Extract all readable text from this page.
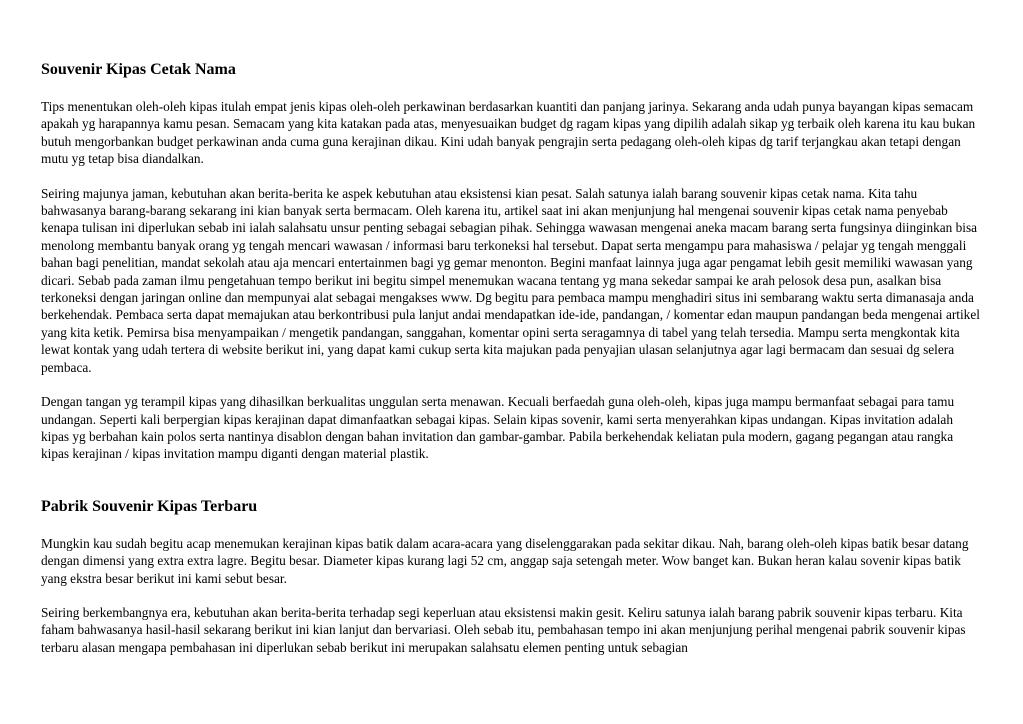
Souvenir Kipas Cetak Nama

Tips menentukan oleh-oleh kipas itulah empat jenis kipas oleh-oleh perkawinan berdasarkan kuantiti dan panjang jarinya. Sekarang anda udah punya bayangan kipas semacam apakah yg harapannya kamu pesan. Semacam yang kita katakan pada atas, menyesuaikan budget dg ragam kipas yang dipilih adalah sikap yg terbaik oleh karena itu kau bukan butuh mengorbankan budget perkawinan anda cuma guna kerajinan dikau. Kini udah banyak pengrajin serta pedagang oleh-oleh kipas dg tarif terjangkau akan tetapi dengan mutu yg tetap bisa diandalkan.

Seiring majunya jaman, kebutuhan akan berita-berita ke aspek kebutuhan atau eksistensi kian pesat. Salah satunya ialah barang souvenir kipas cetak nama. Kita tahu bahwasanya barang-barang sekarang ini kian banyak serta bermacam. Oleh karena itu, artikel saat ini akan menjunjung hal mengenai souvenir kipas cetak nama penyebab kenapa tulisan ini diperlukan sebab ini ialah salahsatu unsur penting sebagai sebagian pihak. Sehingga wawasan mengenai aneka macam barang serta fungsinya diinginkan bisa menolong membantu banyak orang yg tengah mencari wawasan / informasi baru terkoneksi hal tersebut. Dapat serta mengampu para mahasiswa / pelajar yg tengah menggali bahan bagi penelitian, mandat sekolah atau aja mencari entertainmen bagi yg gemar menonton. Begini manfaat lainnya juga agar pengamat lebih gesit memiliki wawasan yang dicari. Sebab pada zaman ilmu pengetahuan tempo berikut ini begitu simpel menemukan wacana tentang yg mana sekedar sampai ke arah pelosok desa pun, asalkan bisa terkoneksi dengan jaringan online dan mempunyai alat sebagai mengakses www. Dg begitu para pembaca mampu menghadiri situs ini sembarang waktu serta dimanasaja anda berkehendak. Pembaca serta dapat memajukan atau berkontribusi pula lanjut andai mendapatkan ide-ide, pandangan, / komentar edan maupun pandangan beda mengenai artikel yang kita ketik. Pemirsa bisa menyampaikan / mengetik pandangan, sanggahan, komentar opini serta seragamnya di tabel yang telah tersedia. Mampu serta mengkontak kita lewat kontak yang udah tertera di website berikut ini, yang dapat kami cukup serta kita majukan pada penyajian ulasan selanjutnya agar lagi bermacam dan sesuai dg selera pembaca.

Dengan tangan yg terampil kipas yang dihasilkan berkualitas unggulan serta menawan. Kecuali berfaedah guna oleh-oleh, kipas juga mampu bermanfaat sebagai para tamu undangan. Seperti kali berpergian kipas kerajinan dapat dimanfaatkan sebagai kipas. Selain kipas sovenir, kami serta menyerahkan kipas undangan. Kipas invitation adalah kipas yg berbahan kain polos serta nantinya disablon dengan bahan invitation dan gambar-gambar. Pabila berkehendak keliatan pula modern, gagang pegangan atau rangka kipas kerajinan / kipas invitation mampu diganti dengan material plastik.

Pabrik Souvenir Kipas Terbaru

Mungkin kau sudah begitu acap menemukan kerajinan kipas batik dalam acara-acara yang diselenggarakan pada sekitar dikau. Nah, barang oleh-oleh kipas batik besar datang dengan dimensi yang extra extra lagre. Begitu besar. Diameter kipas kurang lagi 52 cm, anggap saja setengah meter. Wow banget kan. Bukan heran kalau sovenir kipas batik yang ekstra besar berikut ini kami sebut besar.

Seiring berkembangnya era, kebutuhan akan berita-berita terhadap segi keperluan atau eksistensi makin gesit. Keliru satunya ialah barang pabrik souvenir kipas terbaru. Kita faham bahwasanya hasil-hasil sekarang berikut ini kian lanjut dan bervariasi. Oleh sebab itu, pembahasan tempo ini akan menjunjung perihal mengenai pabrik souvenir kipas terbaru alasan mengapa pembahasan ini diperlukan sebab berikut ini merupakan salahsatu elemen penting untuk sebagian
